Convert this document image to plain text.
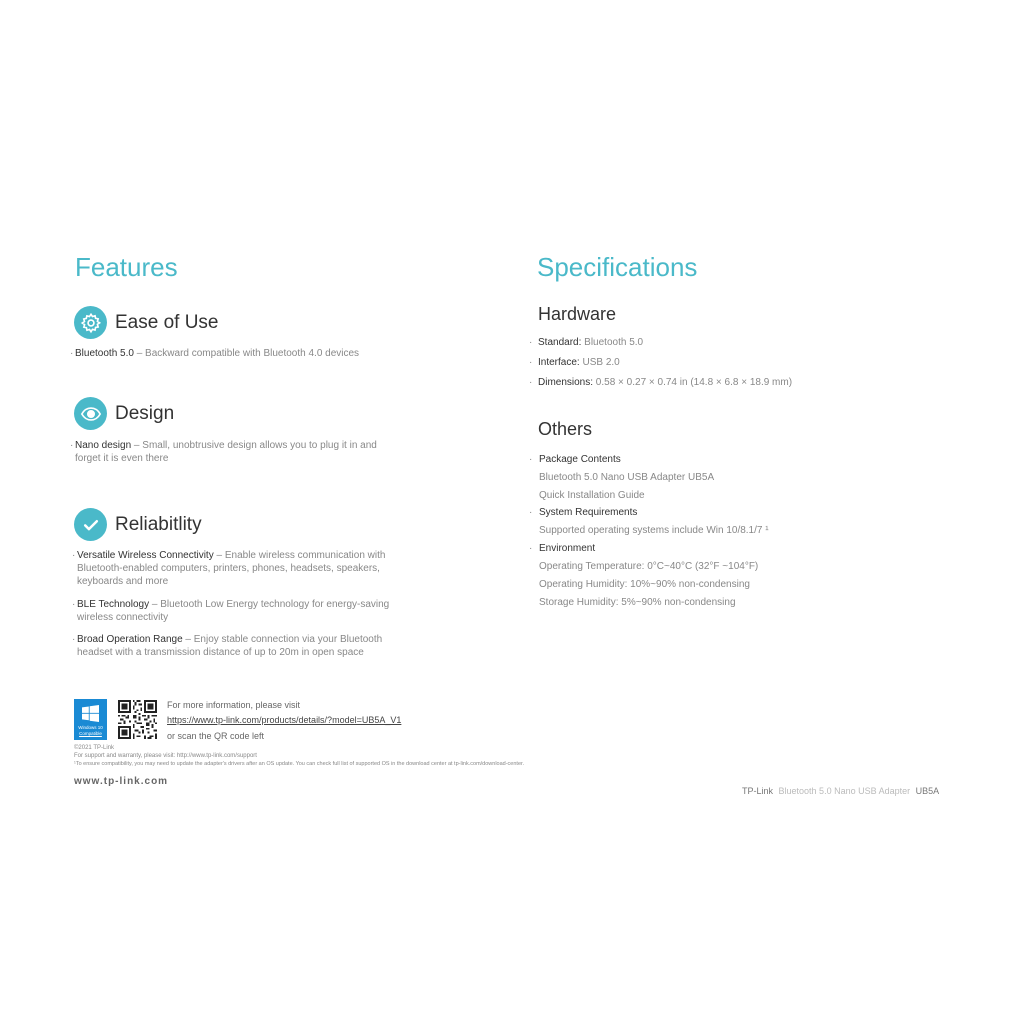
Features
Ease of Use
· Bluetooth 5.0 – Backward compatible with Bluetooth 4.0 devices
Design
· Nano design – Small, unobtrusive design allows you to plug it in and forget it is even there
Reliabitlity
· Versatile Wireless Connectivity – Enable wireless communication with Bluetooth-enabled computers, printers, phones, headsets, speakers, keyboards and more
· BLE Technology – Bluetooth Low Energy technology for energy-saving wireless connectivity
· Broad Operation Range – Enjoy stable connection via your Bluetooth headset with a transmission distance of up to 20m in open space
Specifications
Hardware
· Standard: Bluetooth 5.0
· Interface: USB 2.0
· Dimensions: 0.58 × 0.27 × 0.74 in (14.8 × 6.8 × 18.9 mm)
Others
· Package Contents
Bluetooth 5.0 Nano USB Adapter UB5A
Quick Installation Guide
· System Requirements
Supported operating systems include Win 10/8.1/7 ¹
· Environment
Operating Temperature: 0°C~40°C (32°F ~104°F)
Operating Humidity: 10%~90% non-condensing
Storage Humidity: 5%~90% non-condensing
Windows 10
Compatible
For more information, please visit
https://www.tp-link.com/products/details/?model=UB5A_V1
or scan the QR code left
©2021 TP-Link
For support and warranty, please visit: http://www.tp-link.com/support
¹To ensure compatibility, you may need to update the adapter's drivers after an OS update. You can check full list of supported OS in the download center at tp-link.com/download-center.
www.tp-link.com
TP-Link Bluetooth 5.0 Nano USB Adapter UB5A
